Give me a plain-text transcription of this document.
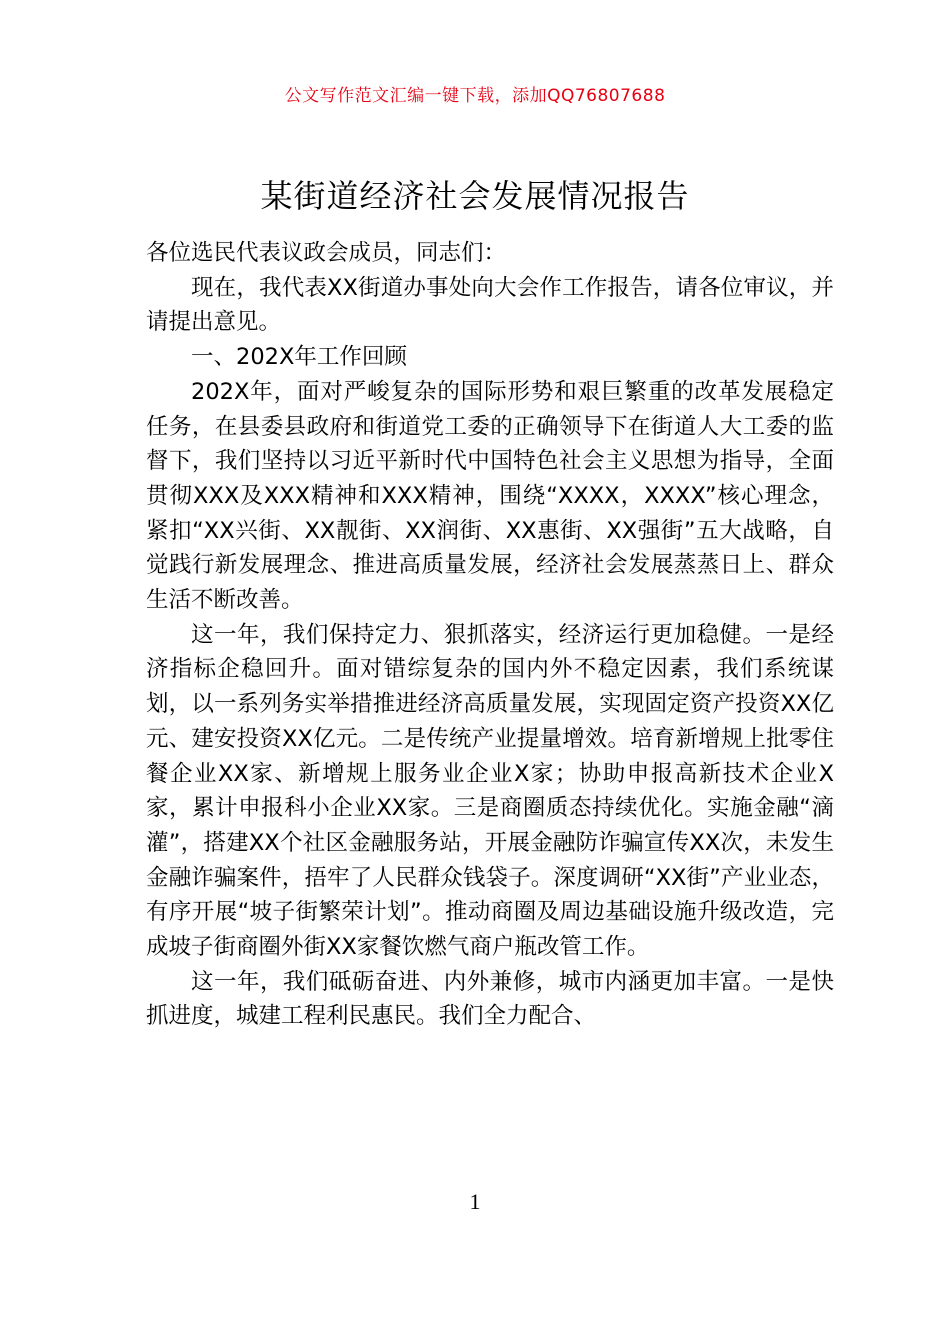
公文写作范文汇编一键下载，添加QQ76807688
某街道经济社会发展情况报告

各位选民代表议政会成员，同志们：

现在，我代表XX街道办事处向大会作工作报告，请各位审议，并请提出意见。

一、202X年工作回顾

202X年，面对严峻复杂的国际形势和艰巨繁重的改革发展稳定任务，在县委县政府和街道党工委的正确领导下在街道人大工委的监督下，我们坚持以习近平新时代中国特色社会主义思想为指导，全面贯彻XXX及XXX精神和XXX精神，围绕“XXXX，XXXX”核心理念，紧扣“XX兴街、XX靓街、XX润街、XX惠街、XX强街”五大战略，自觉践行新发展理念、推进高质量发展，经济社会发展蒸蒸日上、群众生活不断改善。

这一年，我们保持定力、狠抓落实，经济运行更加稳健。一是经济指标企稳回升。面对错综复杂的国内外不稳定因素，我们系统谋划，以一系列务实举措推进经济高质量发展，实现固定资产投资XX亿元、建安投资XX亿元。二是传统产业提量增效。培育新增规上批零住餐企业XX家、新增规上服务业企业X家；协助申报高新技术企业X家，累计申报科小企业XX家。三是商圈质态持续优化。实施金融“滴灌”，搭建XX个社区金融服务站，开展金融防诈骗宣传XX次，未发生金融诈骗案件，捂牢了人民群众钱袋子。深度调研“XX街”产业业态，有序开展“坡子街繁荣计划”。推动商圈及周边基础设施升级改造，完成坡子街商圈外街XX家餐饮燃气商户瓶改管工作。

这一年，我们砥砺奋进、内外兼修，城市内涵更加丰富。一是快抓进度，城建工程利民惠民。我们全力配合、

1
